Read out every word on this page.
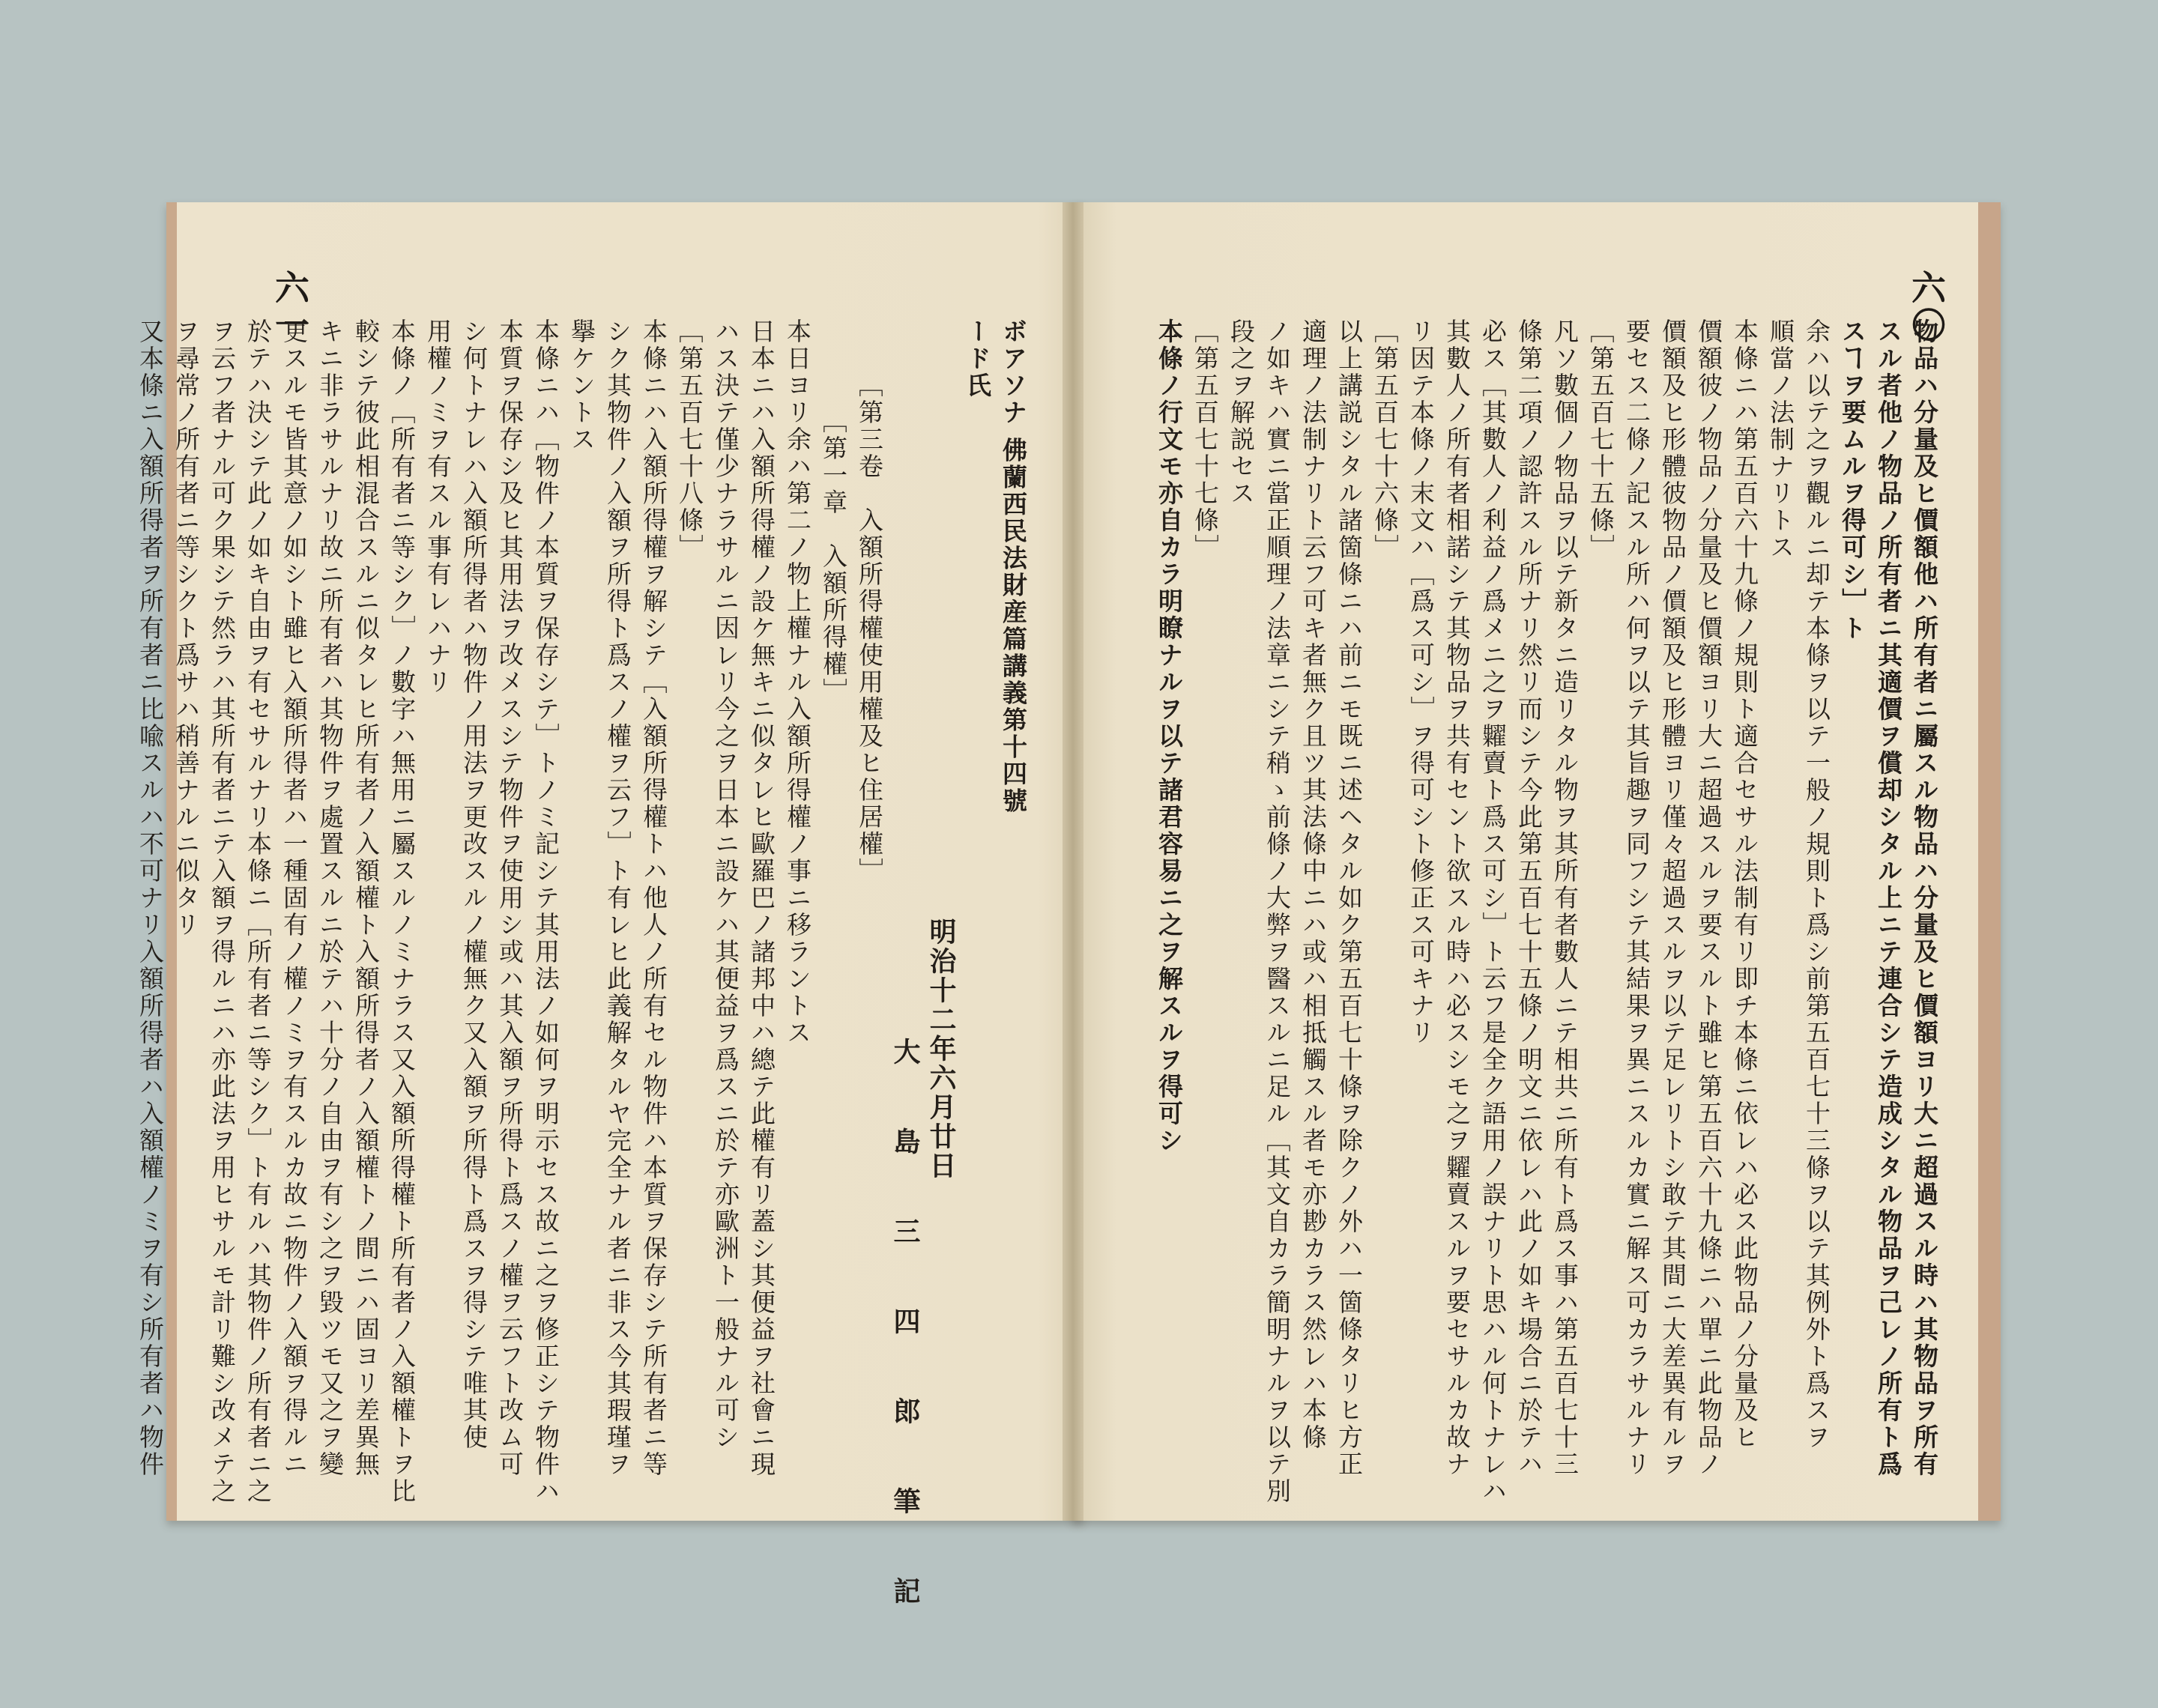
六一
ボアソナ 佛蘭西民法財産篇講義第十四號
ード氏
明治十二年六月廿日
大　島　三　四　郎　筆　記
［第三卷　入額所得權使用權及ヒ住居權］
［第一章　入額所得權］
本日ヨリ余ハ第二ノ物上權ナル入額所得權ノ事ニ移ラントス
日本ニハ入額所得權ノ設ケ無キニ似タレヒ歐羅巴ノ諸邦中ハ總テ此權有リ蓋シ其便益ヲ社會ニ現
ハス決テ僅少ナラサルニ因レリ今之ヲ日本ニ設ケハ其便益ヲ爲スニ於テ亦歐洲ト一般ナル可シ
［第五百七十八條］
本條ニハ入額所得權ヲ解シテ［入額所得權トハ他人ノ所有セル物件ハ本質ヲ保存シテ所有者ニ等
シク其物件ノ入額ヲ所得ト爲スノ權ヲ云フ］ト有レヒ此義解タルヤ完全ナル者ニ非ス今其瑕瑾ヲ
擧ケントス
本條ニハ［物件ノ本質ヲ保存シテ］トノミ記シテ其用法ノ如何ヲ明示セス故ニ之ヲ修正シテ物件ハ
本質ヲ保存シ及ヒ其用法ヲ改メスシテ物件ヲ使用シ或ハ其入額ヲ所得ト爲スノ權ヲ云フト改ム可
シ何トナレハ入額所得者ハ物件ノ用法ヲ更改スルノ權無ク又入額ヲ所得ト爲スヲ得シテ唯其使
用權ノミヲ有スル事有レハナリ
本條ノ［所有者ニ等シク］ノ數字ハ無用ニ屬スルノミナラス又入額所得權ト所有者ノ入額權トヲ比
較シテ彼此相混合スルニ似タレヒ所有者ノ入額權ト入額所得者ノ入額權トノ間ニハ固ヨリ差異無
キニ非ラサルナリ故ニ所有者ハ其物件ヲ處置スルニ於テハ十分ノ自由ヲ有シ之ヲ毀ツモ又之ヲ變
更スルモ皆其意ノ如シト雖ヒ入額所得者ハ一種固有ノ權ノミヲ有スルカ故ニ物件ノ入額ヲ得ルニ
於テハ決シテ此ノ如キ自由ヲ有セサルナリ本條ニ［所有者ニ等シク］ト有ルハ其物件ノ所有者ニ之
ヲ云フ者ナル可ク果シテ然ラハ其所有者ニテ入額ヲ得ルニハ亦此法ヲ用ヒサルモ計リ難シ改メテ之
ヲ尋常ノ所有者ニ等シクト爲サハ稍善ナルニ似タリ
又本條ニ入額所得者ヲ所有者ニ比喩スルハ不可ナリ入額所得者ハ入額權ノミヲ有シ所有者ハ物件
六〇
物品ハ分量及ヒ價額他ハ所有者ニ屬スル物品ハ分量及ヒ價額ヨリ大ニ超過スル時ハ其物品ヲ所有
スル者他ノ物品ノ所有者ニ其適價ヲ償却シタル上ニテ連合シテ造成シタル物品ヲ己レノ所有ト爲
スヿヲ要ムルヲ得可シ］ト
余ハ以テ之ヲ觀ルニ却テ本條ヲ以テ一般ノ規則ト爲シ前第五百七十三條ヲ以テ其例外ト爲スヲ
順當ノ法制ナリトス
本條ニハ第五百六十九條ノ規則ト適合セサル法制有リ即チ本條ニ依レハ必ス此物品ノ分量及ヒ
價額彼ノ物品ノ分量及ヒ價額ヨリ大ニ超過スルヲ要スルト雖ヒ第五百六十九條ニハ單ニ此物品ノ
價額及ヒ形體彼物品ノ價額及ヒ形體ヨリ僅々超過スルヲ以テ足レリトシ敢テ其間ニ大差異有ルヲ
要セス二條ノ記スル所ハ何ヲ以テ其旨趣ヲ同フシテ其結果ヲ異ニスルカ實ニ解ス可カラサルナリ
［第五百七十五條］
凡ソ數個ノ物品ヲ以テ新タニ造リタル物ヲ其所有者數人ニテ相共ニ所有ト爲ス事ハ第五百七十三
條第二項ノ認許スル所ナリ然リ而シテ今此第五百七十五條ノ明文ニ依レハ此ノ如キ場合ニ於テハ
必ス［其數人ノ利益ノ爲メニ之ヲ糶賣ト爲ス可シ］ト云フ是全ク語用ノ誤ナリト思ハル何トナレハ
其數人ノ所有者相諾シテ其物品ヲ共有セント欲スル時ハ必スシモ之ヲ糶賣スルヲ要セサルカ故ナ
リ因テ本條ノ末文ハ［爲ス可シ］ヲ得可シト修正ス可キナリ
［第五百七十六條］
以上講説シタル諸箇條ニハ前ニモ既ニ述ヘタル如ク第五百七十條ヲ除クノ外ハ一箇條タリヒ方正
適理ノ法制ナリト云フ可キ者無ク且ツ其法條中ニハ或ハ相抵觸スル者モ亦尠カラス然レハ本條
ノ如キハ實ニ當正順理ノ法章ニシテ稍ゝ前條ノ大弊ヲ醫スルニ足ル［其文自カラ簡明ナルヲ以テ別
段之ヲ解説セス
［第五百七十七條］
本條ノ行文モ亦自カラ明瞭ナルヲ以テ諸君容易ニ之ヲ解スルヲ得可シ
